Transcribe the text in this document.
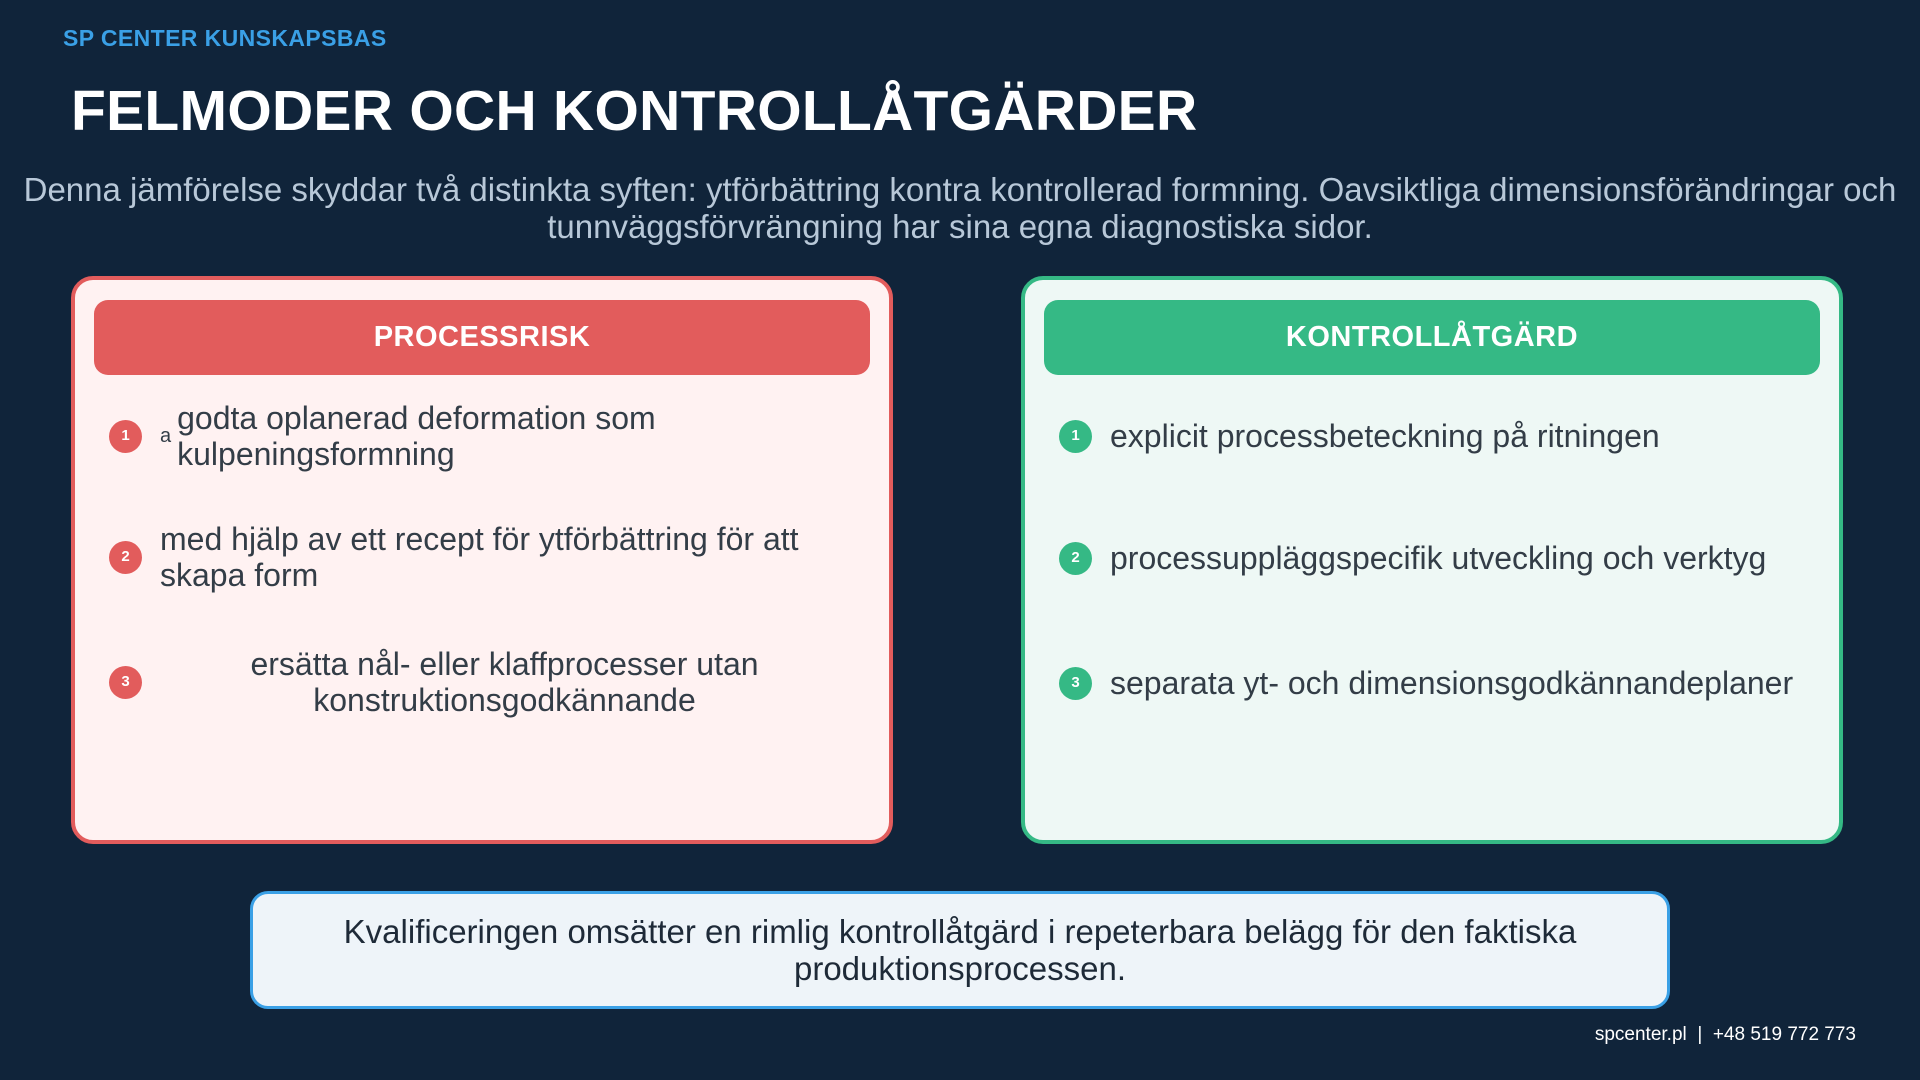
SP CENTER KUNSKAPSBAS
FELMODER OCH KONTROLLÅTGÄRDER
Denna jämförelse skyddar två distinkta syften: ytförbättring kontra kontrollerad formning. Oavsiktliga dimensionsförändringar och tunnväggsförvrängning har sina egna diagnostiska sidor.
PROCESSRISK
1	a godta oplanerad deformation som kulpeningsformning
2 med hjälp av ett recept för ytförbättring för att skapa form
3	ersätta nål- eller klaffprocesser utan konstruktionsgodkännande
KONTROLLÅTGÄRD
1 explicit processbeteckning på ritningen
2 processuppläggspecifik utveckling och verktyg
3 separata yt- och dimensionsgodkännandeplaner
Kvalificeringen omsätter en rimlig kontrollåtgärd i repeterbara belägg för den faktiska produktionsprocessen.
spcenter.pl | +48 519 772 773
